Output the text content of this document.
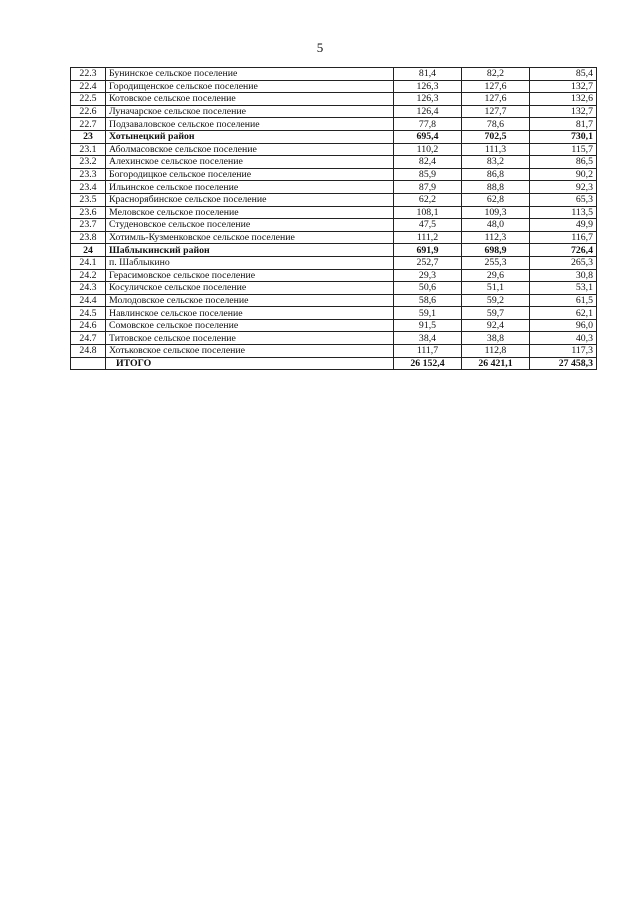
5
22.3	Бунинское сельское поселение	81,4	82,2	85,4
22.4	Городищенское сельское поселение	126,3	127,6	132,7
22.5	Котовское сельское поселение	126,3	127,6	132,6
22.6	Луначарское сельское поселение	126,4	127,7	132,7
22.7	Подзаваловское сельское поселение	77,8	78,6	81,7
23	Хотынецкий район	695,4	702,5	730,1
23.1	Аболмасовское сельское поселение	110,2	111,3	115,7
23.2	Алехинское сельское поселение	82,4	83,2	86,5
23.3	Богородицкое сельское поселение	85,9	86,8	90,2
23.4	Ильинское сельское поселение	87,9	88,8	92,3
23.5	Краснорябинское сельское поселение	62,2	62,8	65,3
23.6	Меловское сельское поселение	108,1	109,3	113,5
23.7	Студеновское сельское поселение	47,5	48,0	49,9
23.8	Хотимль-Кузменковское сельское поселение	111,2	112,3	116,7
24	Шаблыкинский район	691,9	698,9	726,4
24.1	п. Шаблыкино	252,7	255,3	265,3
24.2	Герасимовское сельское поселение	29,3	29,6	30,8
24.3	Косуличское сельское поселение	50,6	51,1	53,1
24.4	Молодовское сельское поселение	58,6	59,2	61,5
24.5	Навлинское сельское поселение	59,1	59,7	62,1
24.6	Сомовское сельское поселение	91,5	92,4	96,0
24.7	Титовское сельское поселение	38,4	38,8	40,3
24.8	Хотьковское сельское поселение	111,7	112,8	117,3
	ИТОГО	26 152,4	26 421,1	27 458,3
